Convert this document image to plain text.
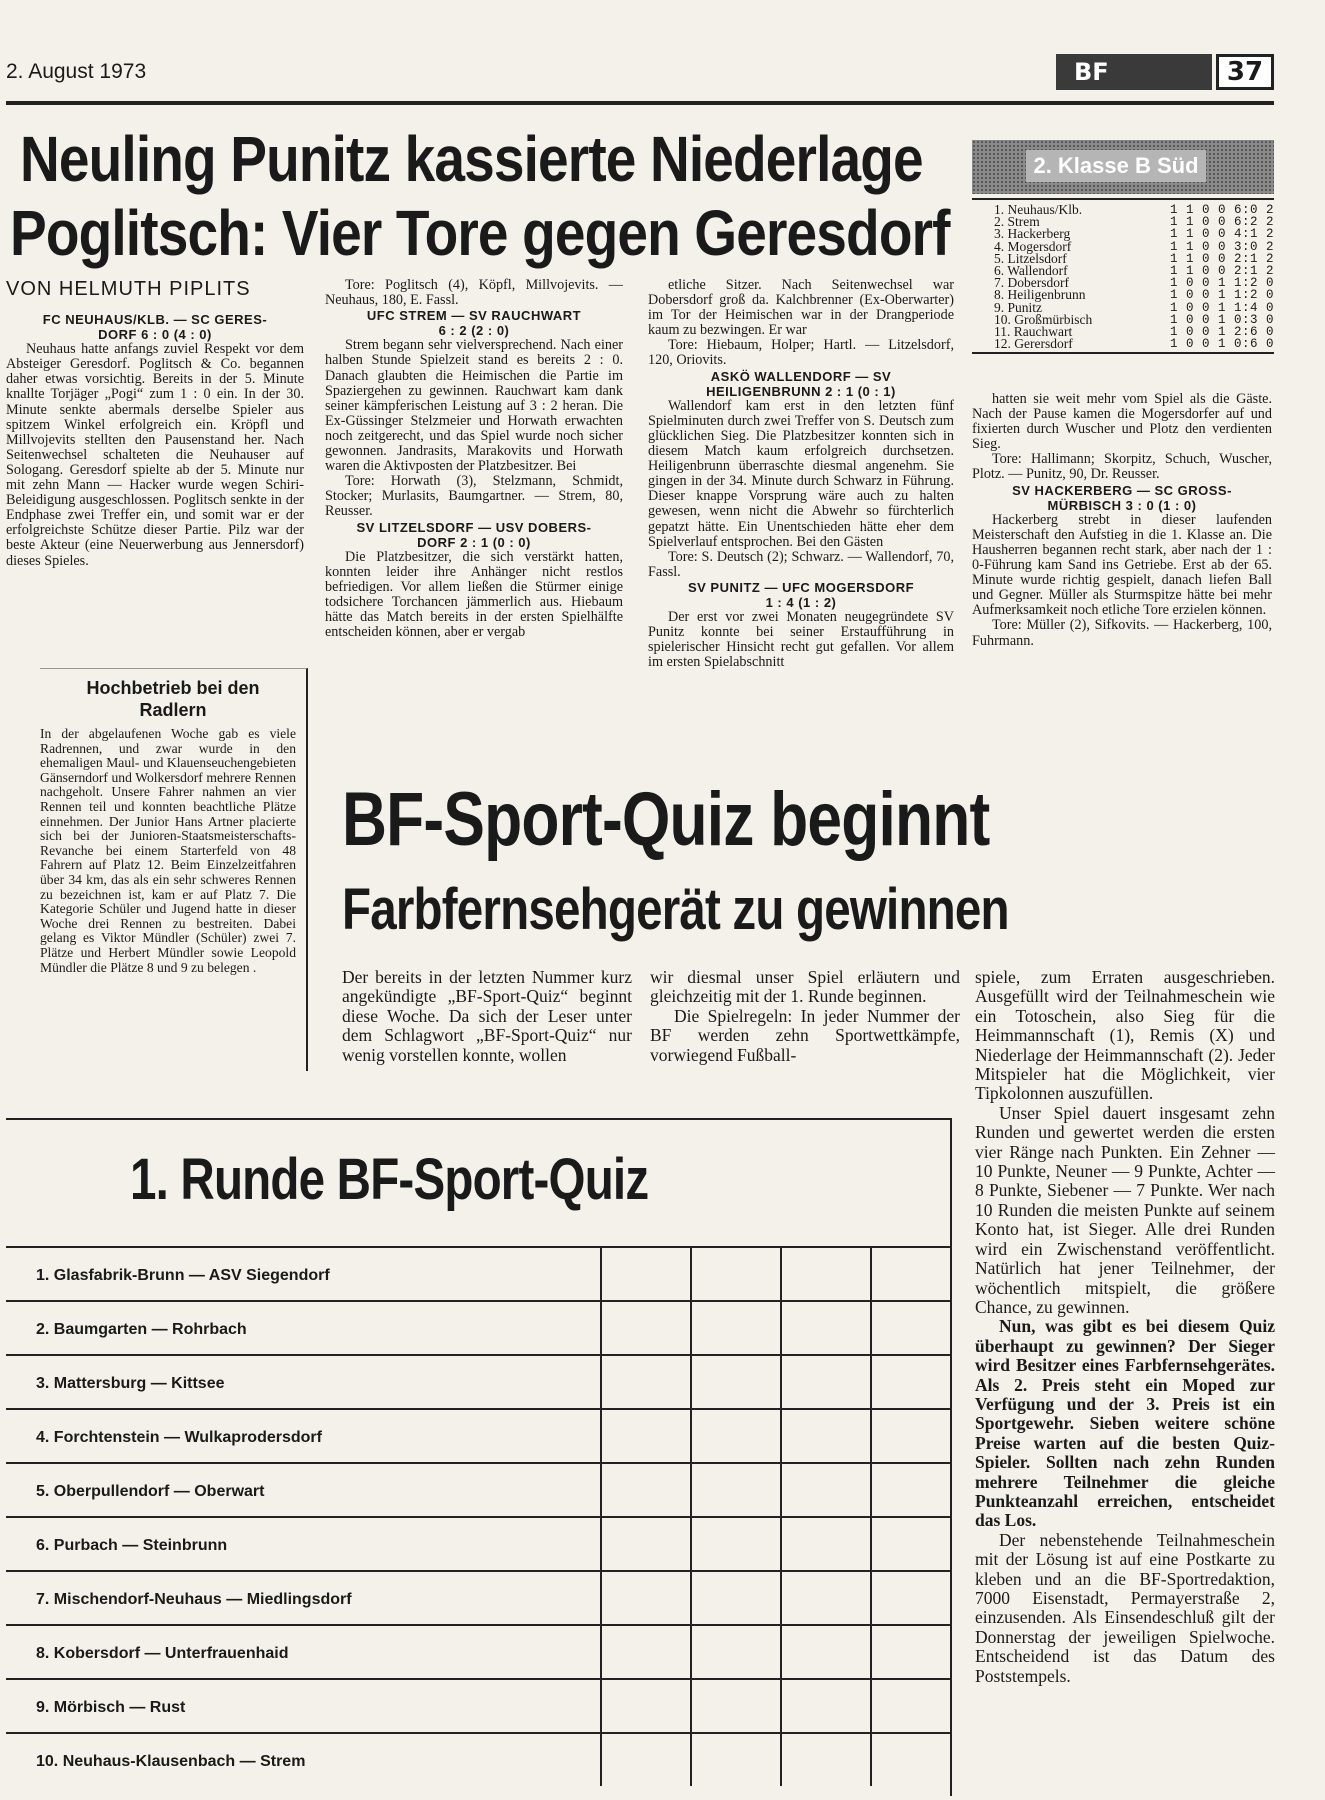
2. August 1973	BF	37
Neuling Punitz kassierte Niederlage
Poglitsch: Vier Tore gegen Geresdorf
VON HELMUTH PIPLITS
FC NEUHAUS/KLB. — SC GERES-
DORF 6 : 0 (4 : 0)

Neuhaus hatte anfangs zuviel Respekt vor dem Absteiger Geresdorf. Poglitsch & Co. begannen daher etwas vorsichtig. Bereits in der 5. Minute knallte Torjäger „Pogi“ zum 1 : 0 ein. In der 30. Minute senkte abermals derselbe Spieler aus spitzem Winkel erfolgreich ein. Kröpfl und Millvojevits stellten den Pausenstand her. Nach Seitenwechsel schalteten die Neuhauser auf Sologang. Geresdorf spielte ab der 5. Minute nur mit zehn Mann — Hacker wurde wegen Schiri-Beleidigung ausgeschlossen. Poglitsch senkte in der Endphase zwei Treffer ein, und somit war er der erfolgreichste Schütze dieser Partie. Pilz war der beste Akteur (eine Neuerwerbung aus Jennersdorf) dieses Spieles.

Tore: Poglitsch (4), Köpfl, Millvojevits. — Neuhaus, 180, E. Fassl.

UFC STREM — SV RAUCHWART
6 : 2 (2 : 0)

Strem begann sehr vielversprechend. Nach einer halben Stunde Spielzeit stand es bereits 2 : 0. Danach glaubten die Heimischen die Partie im Spaziergehen zu gewinnen. Rauchwart kam dank seiner kämpferischen Leistung auf 3 : 2 heran. Die Ex-Güssinger Stelzmeier und Horwath erwachten noch zeitgerecht, und das Spiel wurde noch sicher gewonnen. Jandrasits, Marakovits und Horwath waren die Aktivposten der Platzbesitzer. Bei

Tore: Horwath (3), Stelzmann, Schmidt, Stocker; Murlasits, Baumgartner. — Strem, 80, Reusser.

SV LITZELSDORF — USV DOBERS-
DORF 2 : 1 (0 : 0)

Die Platzbesitzer, die sich verstärkt hatten, konnten leider ihre Anhänger nicht restlos befriedigen. Vor allem ließen die Stürmer einige todsichere Torchancen jämmerlich aus. Hiebaum hätte das Match bereits in der ersten Spielhälfte entscheiden können, aber er vergab

etliche Sitzer. Nach Seitenwechsel war Dobersdorf groß da. Kalchbrenner (Ex-Oberwarter) im Tor der Heimischen war in der Drangperiode kaum zu bezwingen. Er war

Tore: Hiebaum, Holper; Hartl. — Litzelsdorf, 120, Oriovits.

ASKÖ WALLENDORF — SV
HEILIGENBRUNN 2 : 1 (0 : 1)

Wallendorf kam erst in den letzten fünf Spielminuten durch zwei Treffer von S. Deutsch zum glücklichen Sieg. Die Platzbesitzer konnten sich in diesem Match kaum erfolgreich durchsetzen. Heiligenbrunn überraschte diesmal angenehm. Sie gingen in der 34. Minute durch Schwarz in Führung. Dieser knappe Vorsprung wäre auch zu halten gewesen, wenn nicht die Abwehr so fürchterlich gepatzt hätte. Ein Unentschieden hätte eher dem Spielverlauf entsprochen. Bei den Gästen

Tore: S. Deutsch (2); Schwarz. — Wallendorf, 70, Fassl.

SV PUNITZ — UFC MOGERSDORF
1 : 4 (1 : 2)

Der erst vor zwei Monaten neugegründete SV Punitz konnte bei seiner Erstaufführung in spielerischer Hinsicht recht gut gefallen. Vor allem im ersten Spielabschnitt

hatten sie weit mehr vom Spiel als die Gäste. Nach der Pause kamen die Mogersdorfer auf und fixierten durch Wuscher und Plotz den verdienten Sieg.

Tore: Hallimann; Skorpitz, Schuch, Wuscher, Plotz. — Punitz, 90, Dr. Reusser.

SV HACKERBERG — SC GROSS-
MÜRBISCH 3 : 0 (1 : 0)

Hackerberg strebt in dieser laufenden Meisterschaft den Aufstieg in die 1. Klasse an. Die Hausherren begannen recht stark, aber nach der 1 : 0-Führung kam Sand ins Getriebe. Erst ab der 65. Minute wurde richtig gespielt, danach liefen Ball und Gegner. Müller als Sturmspitze hätte bei mehr Aufmerksamkeit noch etliche Tore erzielen können.

Tore: Müller (2), Sifkovits. — Hackerberg, 100, Fuhrmann.

2. Klasse B Süd
1. Neuhaus/Klb.	1 1 0 0 6:0 2
2. Strem	1 1 0 0 6:2 2
3. Hackerberg	1 1 0 0 4:1 2
4. Mogersdorf	1 1 0 0 3:0 2
5. Litzelsdorf	1 1 0 0 2:1 2
6. Wallendorf	1 1 0 0 2:1 2
7. Dobersdorf	1 0 0 1 1:2 0
8. Heiligenbrunn	1 0 0 1 1:2 0
9. Punitz	1 0 0 1 1:4 0
10. Großmürbisch	1 0 0 1 0:3 0
11. Rauchwart	1 0 0 1 2:6 0
12. Gerersdorf	1 0 0 1 0:6 0
Hochbetrieb bei den
Radlern
In der abgelaufenen Woche gab es viele Radrennen, und zwar wurde in den ehemaligen Maul- und Klauenseuchengebieten Gänserndorf und Wolkersdorf mehrere Rennen nachgeholt. Unsere Fahrer nahmen an vier Rennen teil und konnten beachtliche Plätze einnehmen. Der Junior Hans Artner placierte sich bei der Junioren-Staatsmeisterschafts-Revanche bei einem Starterfeld von 48 Fahrern auf Platz 12. Beim Einzelzeitfahren über 34 km, das als ein sehr schweres Rennen zu bezeichnen ist, kam er auf Platz 7. Die Kategorie Schüler und Jugend hatte in dieser Woche drei Rennen zu bestreiten. Dabei gelang es Viktor Mündler (Schüler) zwei 7. Plätze und Herbert Mündler sowie Leopold Mündler die Plätze 8 und 9 zu belegen .
BF-Sport-Quiz beginnt
Farbfernsehgerät zu gewinnen
Der bereits in der letzten Nummer kurz angekündigte „BF-Sport-Quiz“ beginnt diese Woche. Da sich der Leser unter dem Schlagwort „BF-Sport-Quiz“ nur wenig vorstellen konnte, wollen

wir diesmal unser Spiel erläutern und gleichzeitig mit der 1. Runde beginnen.

Die Spielregeln: In jeder Nummer der BF werden zehn Sportwettkämpfe, vorwiegend Fußball-

spiele, zum Erraten ausgeschrieben. Ausgefüllt wird der Teilnahmeschein wie ein Totoschein, also Sieg für die Heimmannschaft (1), Remis (X) und Niederlage der Heimmannschaft (2). Jeder Mitspieler hat die Möglichkeit, vier Tipkolonnen auszufüllen.

Unser Spiel dauert insgesamt zehn Runden und gewertet werden die ersten vier Ränge nach Punkten. Ein Zehner — 10 Punkte, Neuner — 9 Punkte, Achter — 8 Punkte, Siebener — 7 Punkte. Wer nach 10 Runden die meisten Punkte auf seinem Konto hat, ist Sieger. Alle drei Runden wird ein Zwischenstand veröffentlicht. Natürlich hat jener Teilnehmer, der wöchentlich mitspielt, die größere Chance, zu gewinnen.

Nun, was gibt es bei diesem Quiz überhaupt zu gewinnen? Der Sieger wird Besitzer eines Farbfernsehgerätes. Als 2. Preis steht ein Moped zur Verfügung und der 3. Preis ist ein Sportgewehr. Sieben weitere schöne Preise warten auf die besten Quiz-Spieler. Sollten nach zehn Runden mehrere Teilnehmer die gleiche Punkteanzahl erreichen, entscheidet das Los.

Der nebenstehende Teilnahmeschein mit der Lösung ist auf eine Postkarte zu kleben und an die BF-Sportredaktion, 7000 Eisenstadt, Permayerstraße 2, einzusenden. Als Einsendeschluß gilt der Donnerstag der jeweiligen Spielwoche. Entscheidend ist das Datum des Poststempels.

1. Runde BF-Sport-Quiz
1. Glasfabrik-Brunn — ASV Siegendorf
2. Baumgarten — Rohrbach
3. Mattersburg — Kittsee
4. Forchtenstein — Wulkaprodersdorf
5. Oberpullendorf — Oberwart
6. Purbach — Steinbrunn
7. Mischendorf-Neuhaus — Miedlingsdorf
8. Kobersdorf — Unterfrauenhaid
9. Mörbisch — Rust
10. Neuhaus-Klausenbach — Strem
